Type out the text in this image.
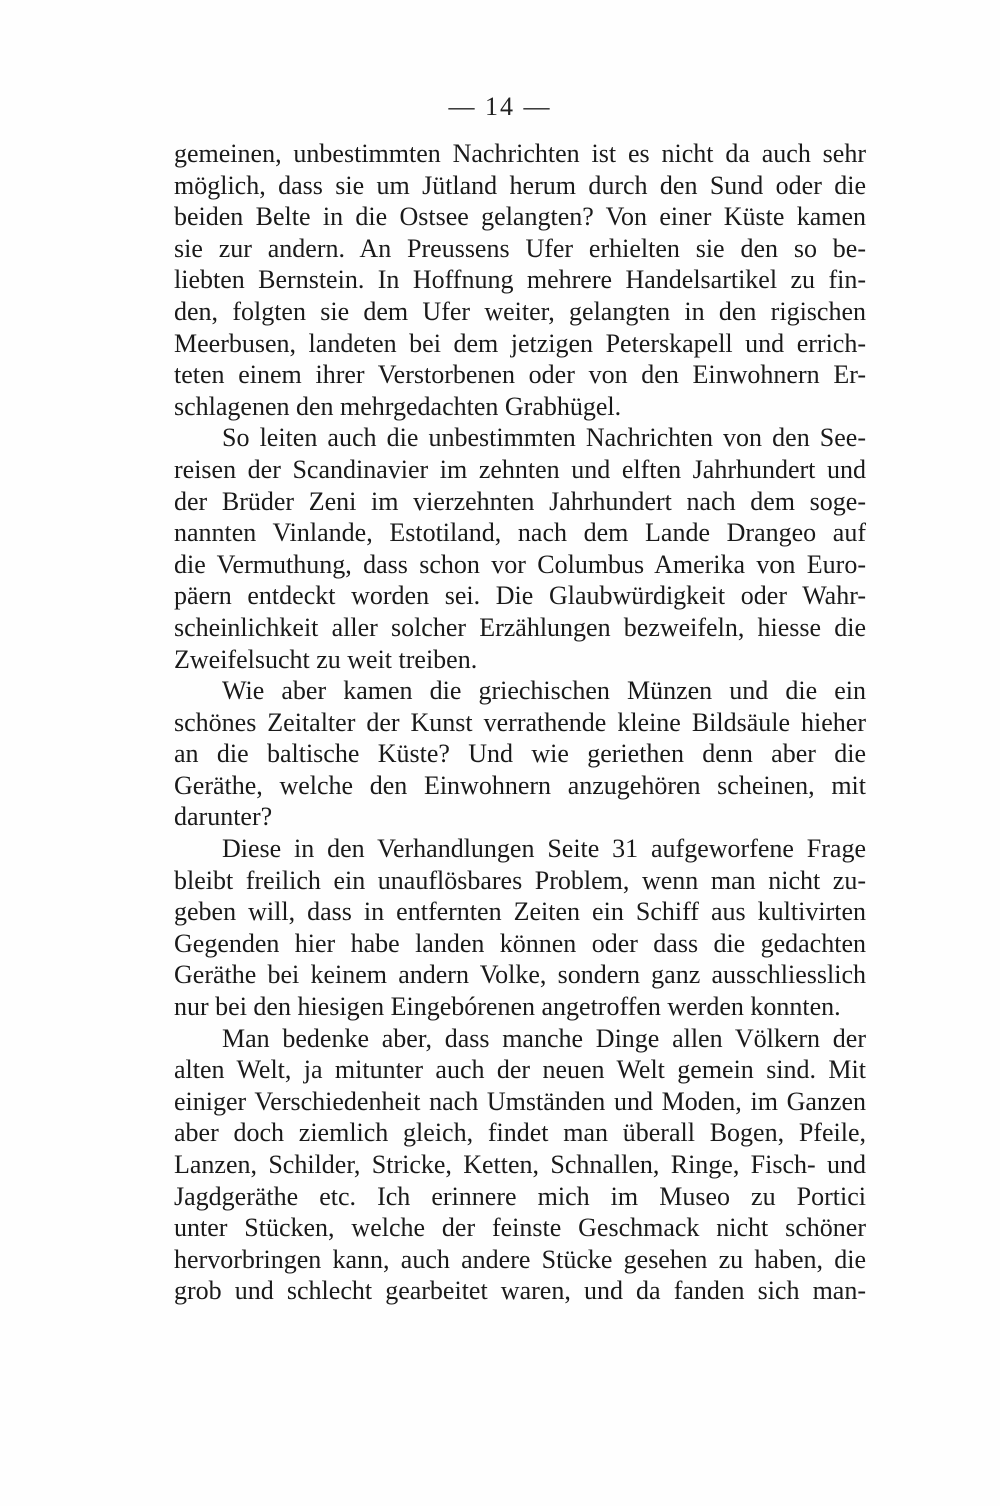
— 14 —
gemeinen, unbestimmten Nachrichten ist es nicht da auch sehr
möglich, dass sie um Jütland herum durch den Sund oder die
beiden Belte in die Ostsee gelangten? Von einer Küste kamen
sie zur andern. An Preussens Ufer erhielten sie den so be-
liebten Bernstein. In Hoffnung mehrere Handelsartikel zu fin-
den, folgten sie dem Ufer weiter, gelangten in den rigischen
Meerbusen, landeten bei dem jetzigen Peterskapell und errich-
teten einem ihrer Verstorbenen oder von den Einwohnern Er-
schlagenen den mehrgedachten Grabhügel.
So leiten auch die unbestimmten Nachrichten von den See-
reisen der Scandinavier im zehnten und elften Jahrhundert und
der Brüder Zeni im vierzehnten Jahrhundert nach dem soge-
nannten Vinlande, Estotiland, nach dem Lande Drangeo auf
die Vermuthung, dass schon vor Columbus Amerika von Euro-
päern entdeckt worden sei. Die Glaubwürdigkeit oder Wahr-
scheinlichkeit aller solcher Erzählungen bezweifeln, hiesse die
Zweifelsucht zu weit treiben.
Wie aber kamen die griechischen Münzen und die ein
schönes Zeitalter der Kunst verrathende kleine Bildsäule hieher
an die baltische Küste? Und wie geriethen denn aber die
Geräthe, welche den Einwohnern anzugehören scheinen, mit
darunter?
Diese in den Verhandlungen Seite 31 aufgeworfene Frage
bleibt freilich ein unauflösbares Problem, wenn man nicht zu-
geben will, dass in entfernten Zeiten ein Schiff aus kultivirten
Gegenden hier habe landen können oder dass die gedachten
Geräthe bei keinem andern Volke, sondern ganz ausschliesslich
nur bei den hiesigen Eingebórenen angetroffen werden konnten.
Man bedenke aber, dass manche Dinge allen Völkern der
alten Welt, ja mitunter auch der neuen Welt gemein sind. Mit
einiger Verschiedenheit nach Umständen und Moden, im Ganzen
aber doch ziemlich gleich, findet man überall Bogen, Pfeile,
Lanzen, Schilder, Stricke, Ketten, Schnallen, Ringe, Fisch- und
Jagdgeräthe etc. Ich erinnere mich im Museo zu Portici
unter Stücken, welche der feinste Geschmack nicht schöner
hervorbringen kann, auch andere Stücke gesehen zu haben, die
grob und schlecht gearbeitet waren, und da fanden sich man-
